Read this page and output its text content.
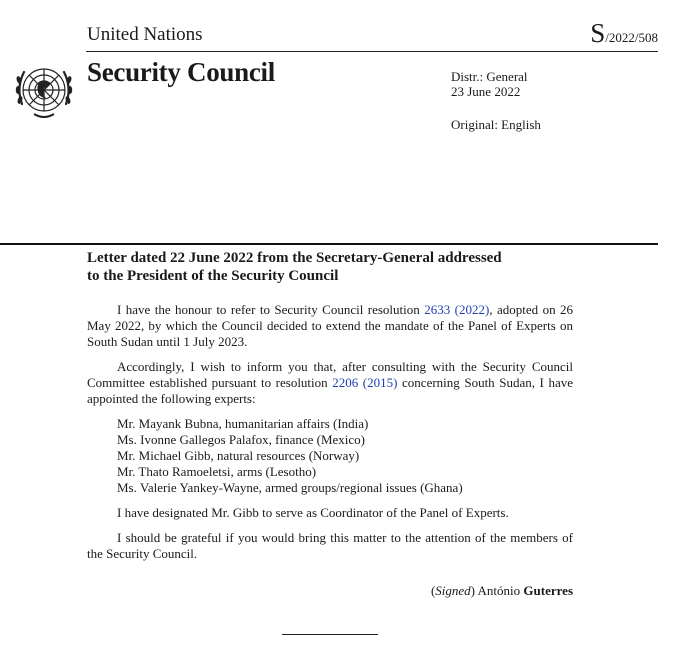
United Nations	S/2022/508
Security Council	Distr.: General
23 June 2022
Original: English
Letter dated 22 June 2022 from the Secretary-General addressed
to the President of the Security Council

I have the honour to refer to Security Council resolution 2633 (2022), adopted on 26 May 2022, by which the Council decided to extend the mandate of the Panel of Experts on South Sudan until 1 July 2023.

Accordingly, I wish to inform you that, after consulting with the Security Council Committee established pursuant to resolution 2206 (2015) concerning South Sudan, I have appointed the following experts:

Mr. Mayank Bubna, humanitarian affairs (India)
Ms. Ivonne Gallegos Palafox, finance (Mexico)
Mr. Michael Gibb, natural resources (Norway)
Mr. Thato Ramoeletsi, arms (Lesotho)
Ms. Valerie Yankey-Wayne, armed groups/regional issues (Ghana)

I have designated Mr. Gibb to serve as Coordinator of the Panel of Experts.

I should be grateful if you would bring this matter to the attention of the members of the Security Council.

(Signed) António Guterres
